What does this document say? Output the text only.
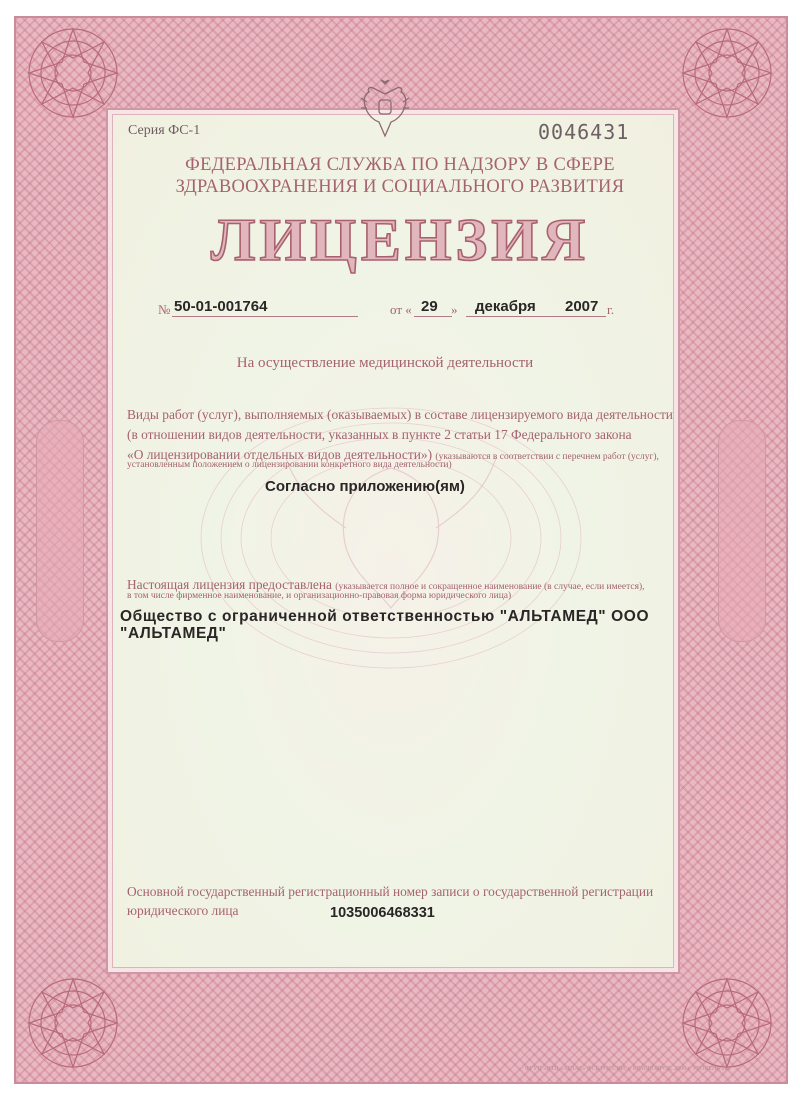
Серия ФС-1	0046431
ФЕДЕРАЛЬНАЯ СЛУЖБА ПО НАДЗОРУ В СФЕРЕ
ЗДРАВООХРАНЕНИЯ И СОЦИАЛЬНОГО РАЗВИТИЯ
ЛИЦЕНЗИЯ
№ 50-01-001764	от « 29 » декабря 2007 г.
На осуществление медицинской деятельности
Виды работ (услуг), выполняемых (оказываемых) в составе лицензируемого вида деятельности
(в отношении видов деятельности, указанных в пункте 2 статьи 17 Федерального закона
«О лицензировании отдельных видов деятельности») (указываются в соответствии с перечнем работ (услуг),
установленным положением о лицензировании конкретного вида деятельности)
Согласно приложению(ям)
Настоящая лицензия предоставлена (указывается полное и сокращенное наименование (в случае, если имеется),
в том числе фирменное наименование, и организационно-правовая форма юридического лица)
Общество с ограниченной ответственностью "АЛЬТАМЕД" ООО
"АЛЬТАМЕД"
Основной государственный регистрационный номер записи о государственной регистрации
юридического лица	1035006468331
ФГУП «НТЦ «АТЛАС» ФСБ РОССИИ, г. КРАСНОЯРСК, 2006 г. УРОВЕНЬ «Б»
